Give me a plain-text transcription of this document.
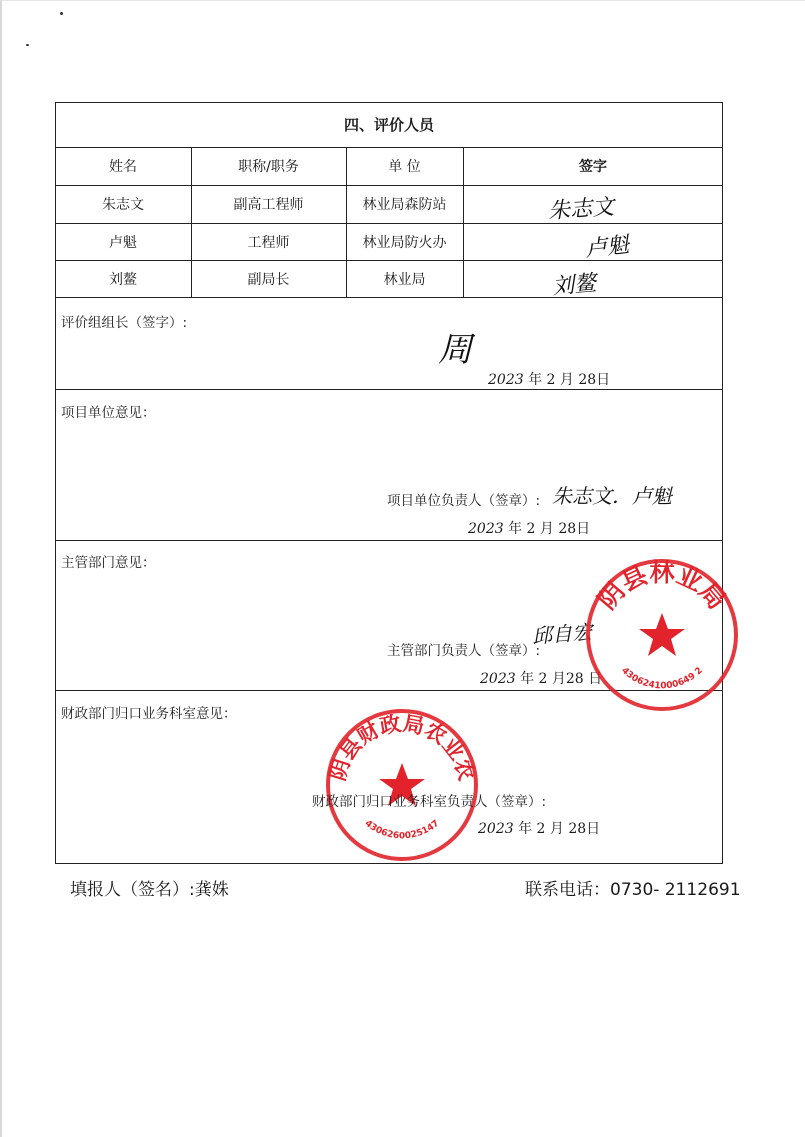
四、评价人员
姓名	职称/职务	单 位	签字
朱志文	副高工程师	林业局森防站	朱志文
卢魁	工程师	林业局防火办	卢魁
刘鳌	副局长	林业局	刘鳌
评价组组长（签字）:
周
2023 年 2 月 28日
项目单位意见：
项目单位负责人（签章）: 朱志文．卢魁
2023 年 2 月 28日
主管部门意见：
主管部门负责人（签章）:
邱自宏
2023 年 2 月28 日
阴县林业局
4306241000649 2
财政部门归口业务科室意见：
阴县财政局农业农
4306260025147
财政部门归口业务科室负责人（签章）:
2023 年 2 月 28日
填报人（签名）:龚姝	联系电话：0730- 2112691
